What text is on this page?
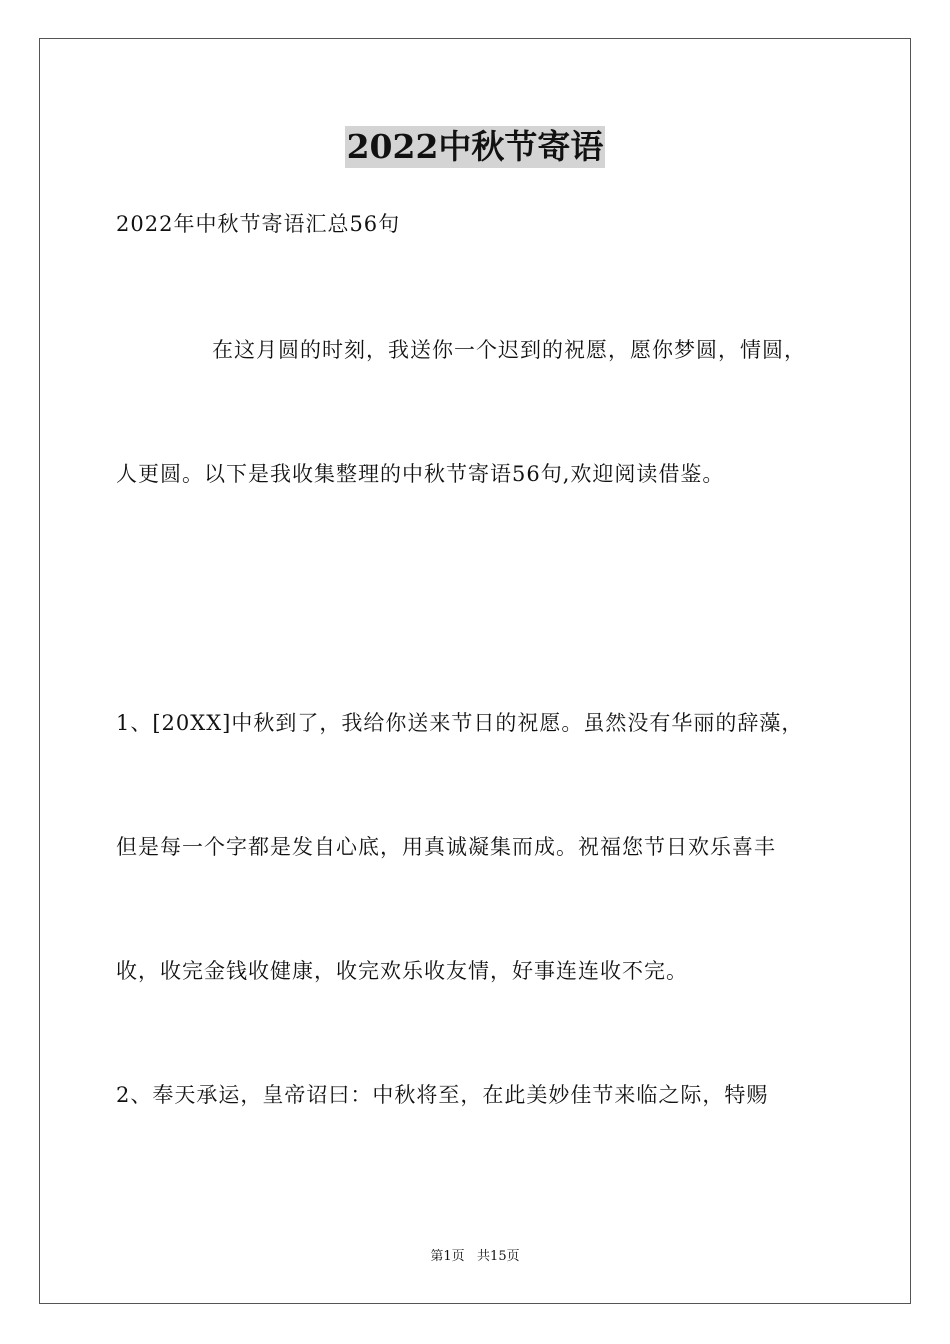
2022中秋节寄语
2022年中秋节寄语汇总56句
在这月圆的时刻，我送你一个迟到的祝愿，愿你梦圆，情圆，
人更圆。以下是我收集整理的中秋节寄语56句,欢迎阅读借鉴。
1、[20XX]中秋到了，我给你送来节日的祝愿。虽然没有华丽的辞藻，
但是每一个字都是发自心底，用真诚凝集而成。祝福您节日欢乐喜丰
收，收完金钱收健康，收完欢乐收友情，好事连连收不完。
2、奉天承运，皇帝诏曰：中秋将至，在此美妙佳节来临之际，特赐
第1页   共15页
